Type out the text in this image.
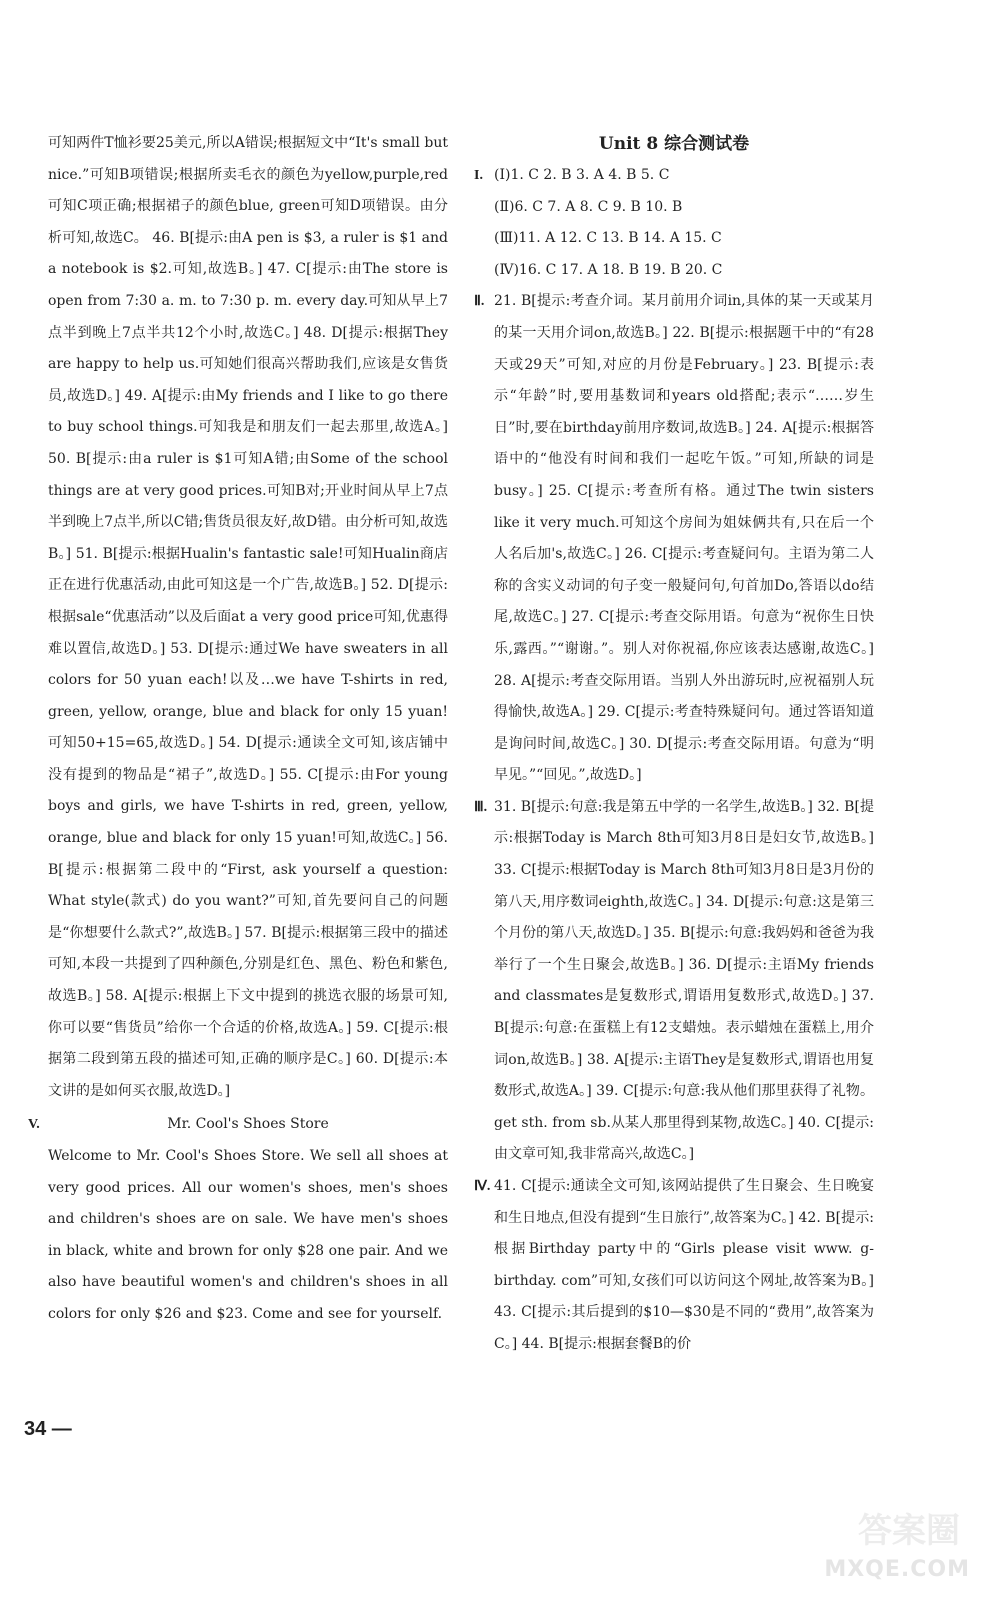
可知两件T恤衫要25美元,所以A错误;根据短文中“It's small but nice.”可知B项错误;根据所卖毛衣的颜色为yellow,purple,red可知C项正确;根据裙子的颜色blue, green可知D项错误。由分析可知,故选C。 46. B[提示:由A pen is $3, a ruler is $1 and a notebook is $2.可知,故选B。] 47. C[提示:由The store is open from 7:30 a. m. to 7:30 p. m. every day.可知从早上7点半到晚上7点半共12个小时,故选C。] 48. D[提示:根据They are happy to help us.可知她们很高兴帮助我们,应该是女售货员,故选D。] 49. A[提示:由My friends and I like to go there to buy school things.可知我是和朋友们一起去那里,故选A。] 50. B[提示:由a ruler is $1可知A错;由Some of the school things are at very good prices.可知B对;开业时间从早上7点半到晚上7点半,所以C错;售货员很友好,故D错。由分析可知,故选B。] 51. B[提示:根据Hualin's fantastic sale!可知Hualin商店正在进行优惠活动,由此可知这是一个广告,故选B。] 52. D[提示:根据sale“优惠活动”以及后面at a very good price可知,优惠得难以置信,故选D。] 53. D[提示:通过We have sweaters in all colors for 50 yuan each!以及…we have T-shirts in red, green, yellow, orange, blue and black for only 15 yuan!可知50+15=65,故选D。] 54. D[提示:通读全文可知,该店铺中没有提到的物品是“裙子”,故选D。] 55. C[提示:由For young boys and girls, we have T-shirts in red, green, yellow, orange, blue and black for only 15 yuan!可知,故选C。] 56. B[提示:根据第二段中的“First, ask yourself a question: What style(款式) do you want?”可知,首先要问自己的问题是“你想要什么款式?”,故选B。] 57. B[提示:根据第三段中的描述可知,本段一共提到了四种颜色,分别是红色、黑色、粉色和紫色,故选B。] 58. A[提示:根据上下文中提到的挑选衣服的场景可知,你可以要“售货员”给你一个合适的价格,故选A。] 59. C[提示:根据第二段到第五段的描述可知,正确的顺序是C。] 60. D[提示:本文讲的是如何买衣服,故选D。]

V.	Mr. Cool's Shoes Store

Welcome to Mr. Cool's Shoes Store. We sell all shoes at very good prices. All our women's shoes, men's shoes and children's shoes are on sale. We have men's shoes in black, white and brown for only $28 one pair. And we also have beautiful women's and children's shoes in all colors for only $26 and $23. Come and see for yourself.

Unit 8 综合测试卷

I. (Ⅰ)1. C 2. B 3. A 4. B 5. C

(Ⅱ)6. C 7. A 8. C 9. B 10. B

(Ⅲ)11. A 12. C 13. B 14. A 15. C

(Ⅳ)16. C 17. A 18. B 19. B 20. C

Ⅱ. 21. B[提示:考查介词。某月前用介词in,具体的某一天或某月的某一天用介词on,故选B。] 22. B[提示:根据题干中的“有28天或29天”可知,对应的月份是February。] 23. B[提示:表示“年龄”时,要用基数词和years old搭配;表示“……岁生日”时,要在birthday前用序数词,故选B。] 24. A[提示:根据答语中的“他没有时间和我们一起吃午饭。”可知,所缺的词是busy。] 25. C[提示:考查所有格。通过The twin sisters like it very much.可知这个房间为姐妹俩共有,只在后一个人名后加's,故选C。] 26. C[提示:考查疑问句。主语为第二人称的含实义动词的句子变一般疑问句,句首加Do,答语以do结尾,故选C。] 27. C[提示:考查交际用语。句意为“祝你生日快乐,露西。”“谢谢。”。别人对你祝福,你应该表达感谢,故选C。] 28. A[提示:考查交际用语。当别人外出游玩时,应祝福别人玩得愉快,故选A。] 29. C[提示:考查特殊疑问句。通过答语知道是询问时间,故选C。] 30. D[提示:考查交际用语。句意为“明早见。”“回见。”,故选D。]

Ⅲ. 31. B[提示:句意:我是第五中学的一名学生,故选B。] 32. B[提示:根据Today is March 8th可知3月8日是妇女节,故选B。] 33. C[提示:根据Today is March 8th可知3月8日是3月份的第八天,用序数词eighth,故选C。] 34. D[提示:句意:这是第三个月份的第八天,故选D。] 35. B[提示:句意:我妈妈和爸爸为我举行了一个生日聚会,故选B。] 36. D[提示:主语My friends and classmates是复数形式,谓语用复数形式,故选D。] 37. B[提示:句意:在蛋糕上有12支蜡烛。表示蜡烛在蛋糕上,用介词on,故选B。] 38. A[提示:主语They是复数形式,谓语也用复数形式,故选A。] 39. C[提示:句意:我从他们那里获得了礼物。get sth. from sb.从某人那里得到某物,故选C。] 40. C[提示:由文章可知,我非常高兴,故选C。]

Ⅳ. 41. C[提示:通读全文可知,该网站提供了生日聚会、生日晚宴和生日地点,但没有提到“生日旅行”,故答案为C。] 42. B[提示:根据Birthday party中的“Girls please visit www. g-birthday. com”可知,女孩们可以访问这个网址,故答案为B。] 43. C[提示:其后提到的$10—$30是不同的“费用”,故答案为C。] 44. B[提示:根据套餐B的价

34 —
答案圈
MXQE.COM
